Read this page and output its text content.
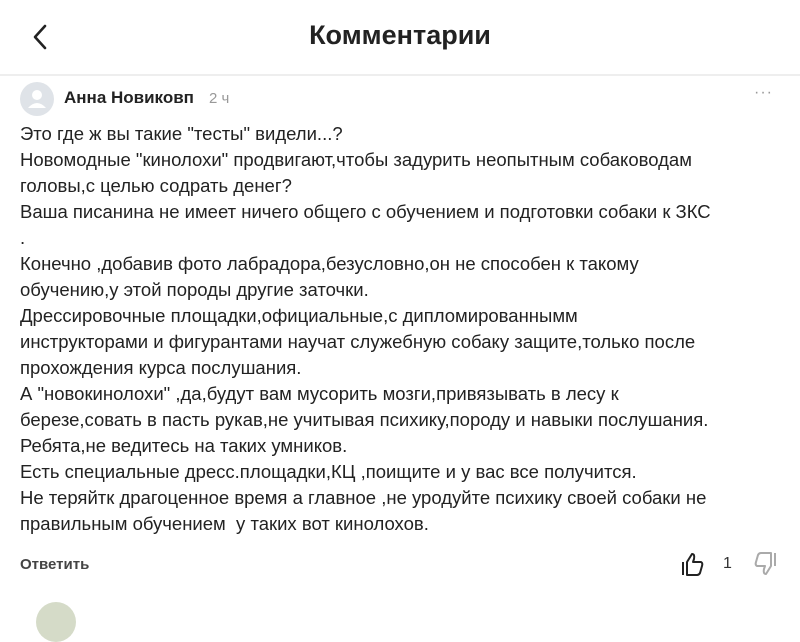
Комментарии
Анна Новиковп 2 ч	···
Это где ж вы такие "тесты" видели...?
Новомодные "кинолохи" продвигают,чтобы задурить неопытным собаководам
головы,с целью содрать денег?
Ваша писанина не имеет ничего общего с обучением и подготовки собаки к ЗКС
.
Конечно ,добавив фото лабрадора,безусловно,он не способен к такому
обучению,у этой породы другие заточки.
Дрессировочные площадки,официальные,с дипломированнымм
инструкторами и фигурантами научат служебную собаку защите,только после
прохождения курса послушания.
А "новокинолохи" ,да,будут вам мусорить мозги,привязывать в лесу к
березе,совать в пасть рукав,не учитывая психику,породу и навыки послушания.
Ребята,не ведитесь на таких умников.
Есть специальные дресс.площадки,КЦ ,поищите и у вас все получится.
Не теряйтк драгоценное время а главное ,не уродуйте психику своей собаки не
правильным обучением  у таких вот кинолохов.
Ответить	1
